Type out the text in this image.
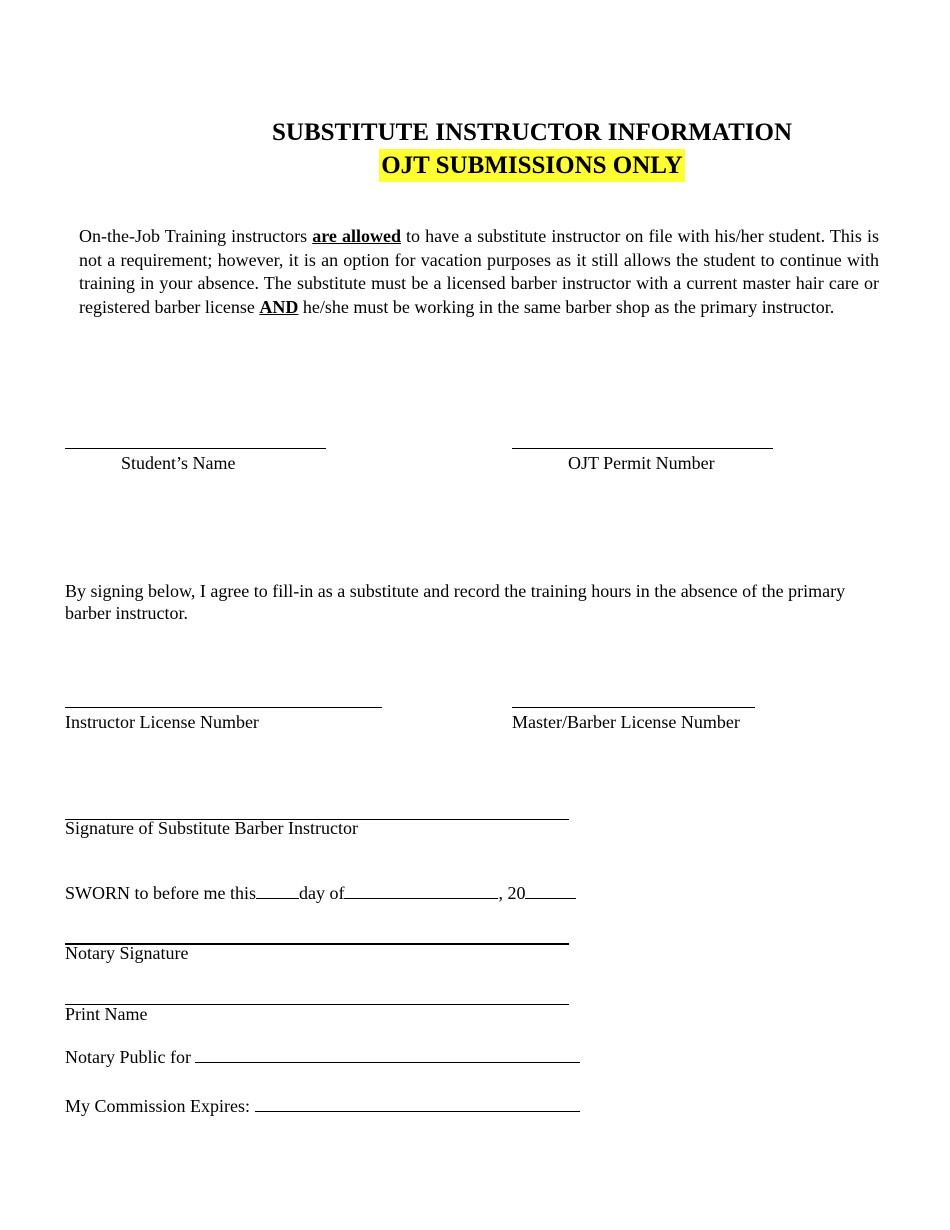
SUBSTITUTE INSTRUCTOR INFORMATION
OJT SUBMISSIONS ONLY
On-the-Job Training instructors are allowed to have a substitute instructor on file with his/her student. This is not a requirement; however, it is an option for vacation purposes as it still allows the student to continue with training in your absence. The substitute must be a licensed barber instructor with a current master hair care or registered barber license AND he/she must be working in the same barber shop as the primary instructor.
Student’s Name	OJT Permit Number
By signing below, I agree to fill-in as a substitute and record the training hours in the absence of the primary barber instructor.
Instructor License Number	Master/Barber License Number
Signature of Substitute Barber Instructor
SWORN to before me this day of	, 20
Notary Signature
Print Name
Notary Public for
My Commission Expires:
